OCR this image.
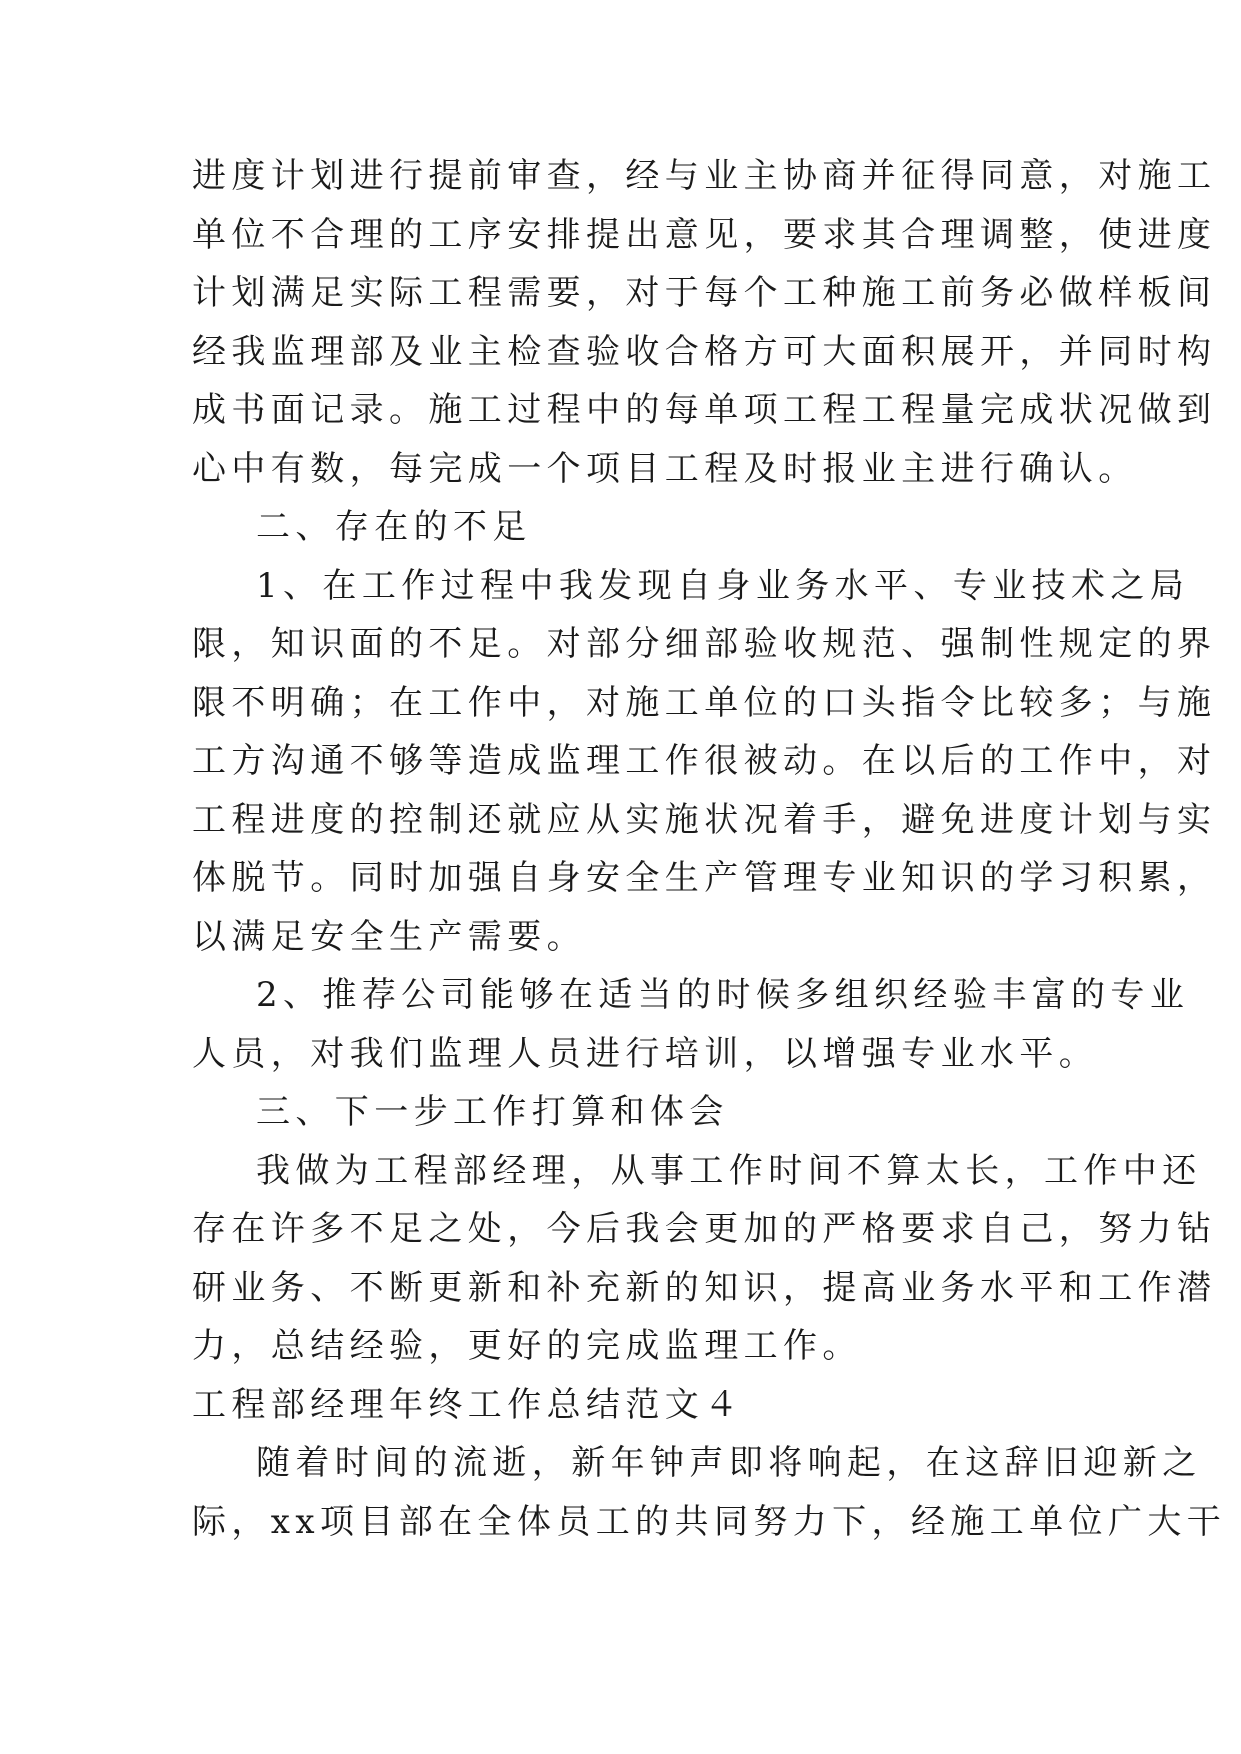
进度计划进行提前审查，经与业主协商并征得同意，对施工
单位不合理的工序安排提出意见，要求其合理调整，使进度
计划满足实际工程需要，对于每个工种施工前务必做样板间
经我监理部及业主检查验收合格方可大面积展开，并同时构
成书面记录。施工过程中的每单项工程工程量完成状况做到
心中有数，每完成一个项目工程及时报业主进行确认。
二、存在的不足
1、在工作过程中我发现自身业务水平、专业技术之局
限，知识面的不足。对部分细部验收规范、强制性规定的界
限不明确；在工作中，对施工单位的口头指令比较多；与施
工方沟通不够等造成监理工作很被动。在以后的工作中，对
工程进度的控制还就应从实施状况着手，避免进度计划与实
体脱节。同时加强自身安全生产管理专业知识的学习积累，
以满足安全生产需要。
2、推荐公司能够在适当的时候多组织经验丰富的专业
人员，对我们监理人员进行培训，以增强专业水平。
三、下一步工作打算和体会
我做为工程部经理，从事工作时间不算太长，工作中还
存在许多不足之处，今后我会更加的严格要求自己，努力钻
研业务、不断更新和补充新的知识，提高业务水平和工作潜
力，总结经验，更好的完成监理工作。
工程部经理年终工作总结范文４
随着时间的流逝，新年钟声即将响起，在这辞旧迎新之
际，xx项目部在全体员工的共同努力下，经施工单位广大干
